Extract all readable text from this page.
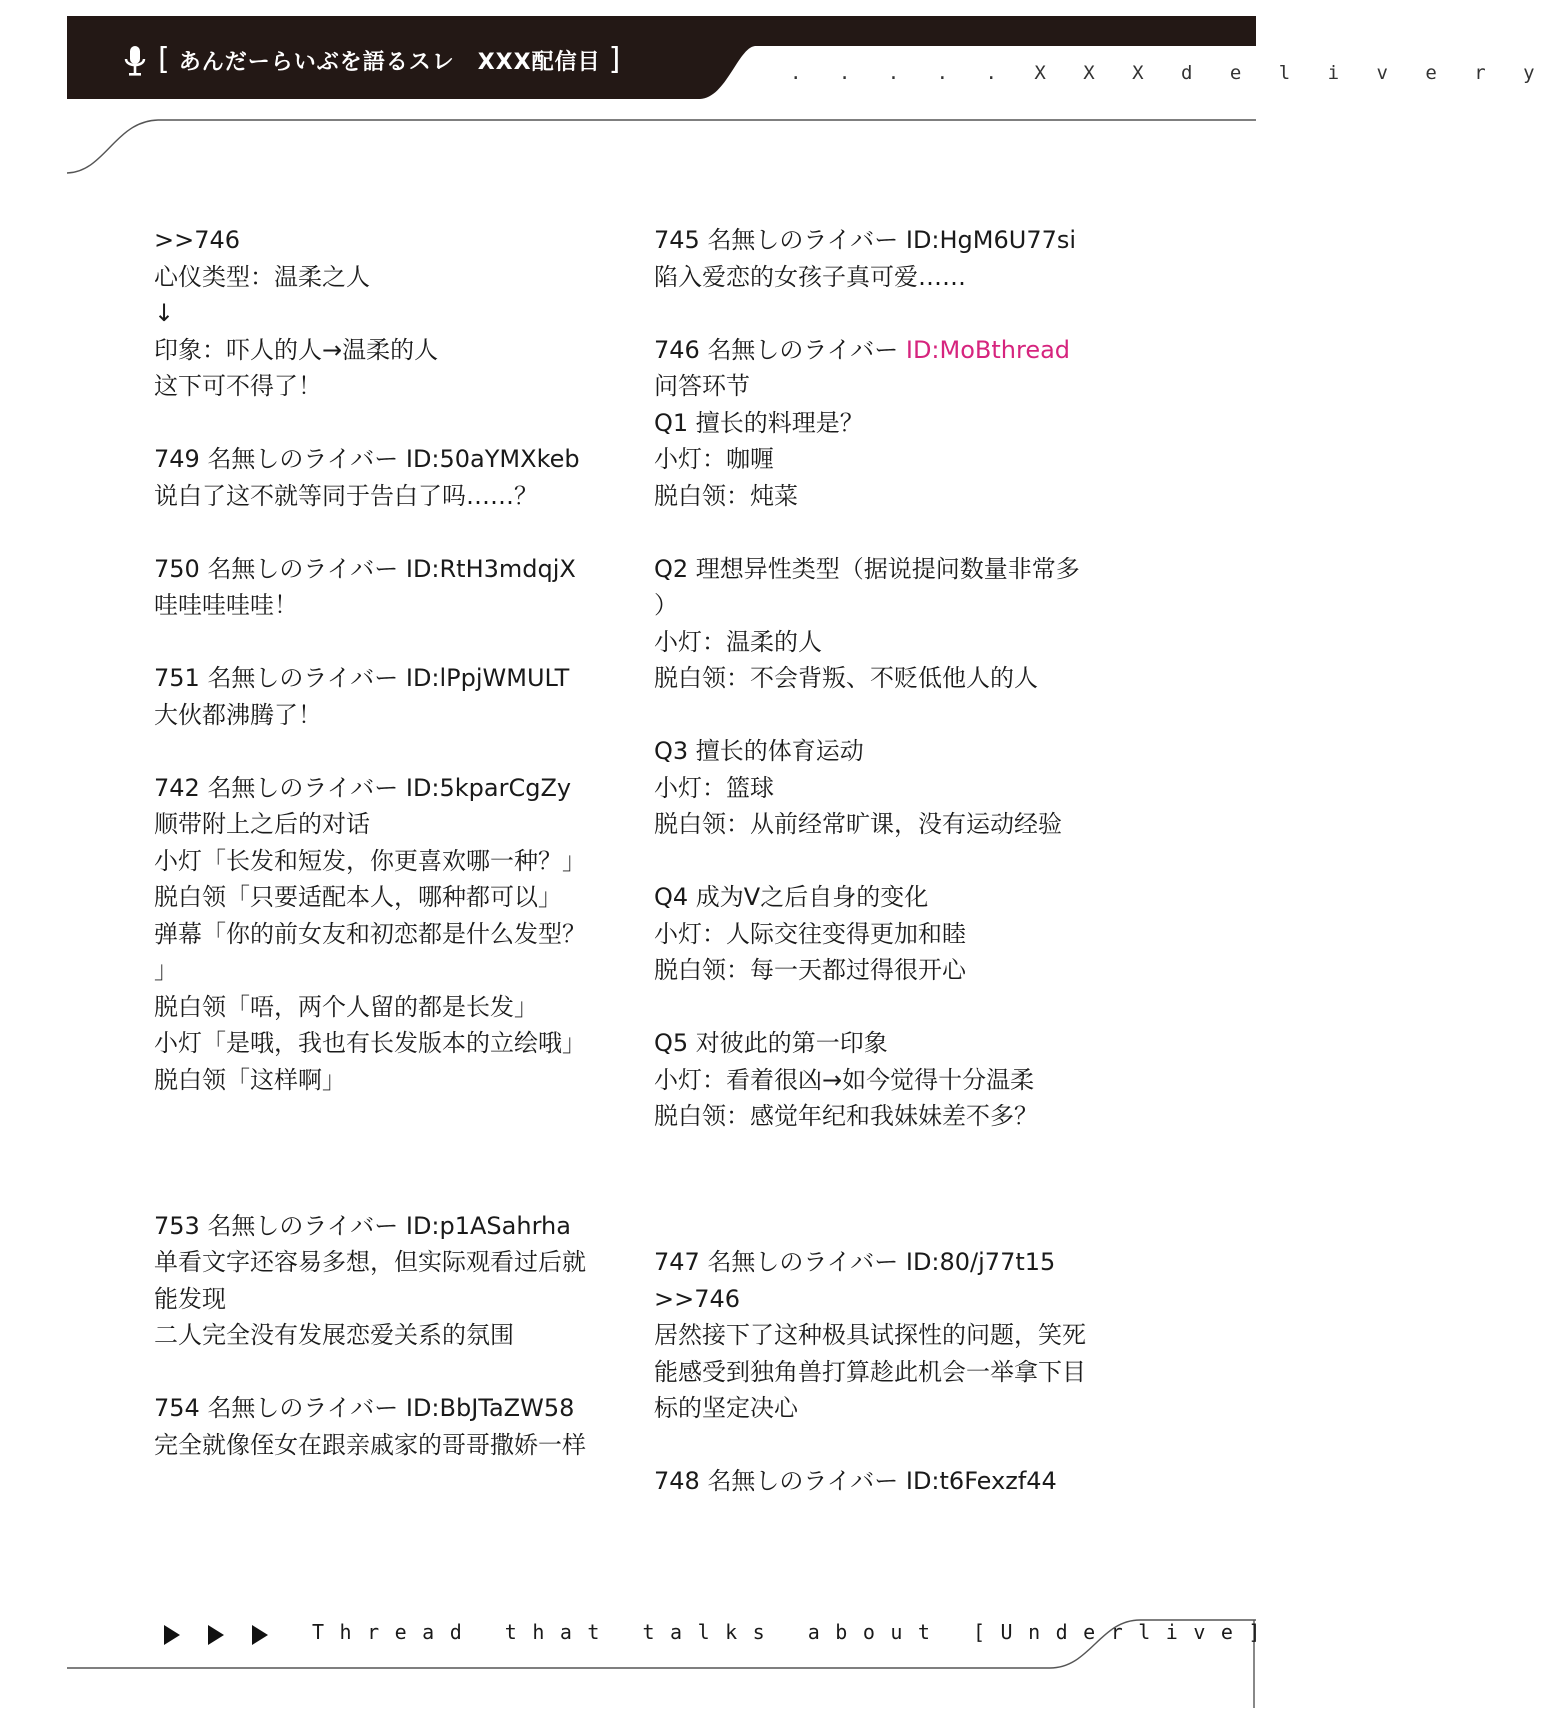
[ あんだーらいぶを語るスレ　XXX配信目 ]	. . . . . X X X d e l i v e r y
>>746
心仪类型：温柔之人
↓
印象：吓人的人→温柔的人
这下可不得了！
749 名無しのライバー ID:50aYMXkeb
说白了这不就等同于告白了吗……？
750 名無しのライバー ID:RtH3mdqjX
哇哇哇哇哇！
751 名無しのライバー ID:lPpjWMULT
大伙都沸腾了！
742 名無しのライバー ID:5kparCgZy
顺带附上之后的对话
小灯「长发和短发，你更喜欢哪一种？」
脱白领「只要适配本人，哪种都可以」
弹幕「你的前女友和初恋都是什么发型？
」
脱白领「唔，两个人留的都是长发」
小灯「是哦，我也有长发版本的立绘哦」
脱白领「这样啊」
753 名無しのライバー ID:p1ASahrha
单看文字还容易多想，但实际观看过后就
能发现
二人完全没有发展恋爱关系的氛围
754 名無しのライバー ID:BbJTaZW58
完全就像侄女在跟亲戚家的哥哥撒娇一样
745 名無しのライバー ID:HgM6U77si
陷入爱恋的女孩子真可爱……
746 名無しのライバー ID:MoBthread
问答环节
Q1 擅长的料理是？
小灯：咖喱
脱白领：炖菜
Q2 理想异性类型（据说提问数量非常多
）
小灯：温柔的人
脱白领：不会背叛、不贬低他人的人
Q3 擅长的体育运动
小灯：篮球
脱白领：从前经常旷课，没有运动经验
Q4 成为V之后自身的变化
小灯：人际交往变得更加和睦
脱白领：每一天都过得很开心
Q5 对彼此的第一印象
小灯：看着很凶→如今觉得十分温柔
脱白领：感觉年纪和我妹妹差不多？
747 名無しのライバー ID:80/j77t15
>>746
居然接下了这种极具试探性的问题，笑死
能感受到独角兽打算趁此机会一举拿下目
标的坚定决心
748 名無しのライバー ID:t6Fexzf44
Thread that talks about [Underlive]
